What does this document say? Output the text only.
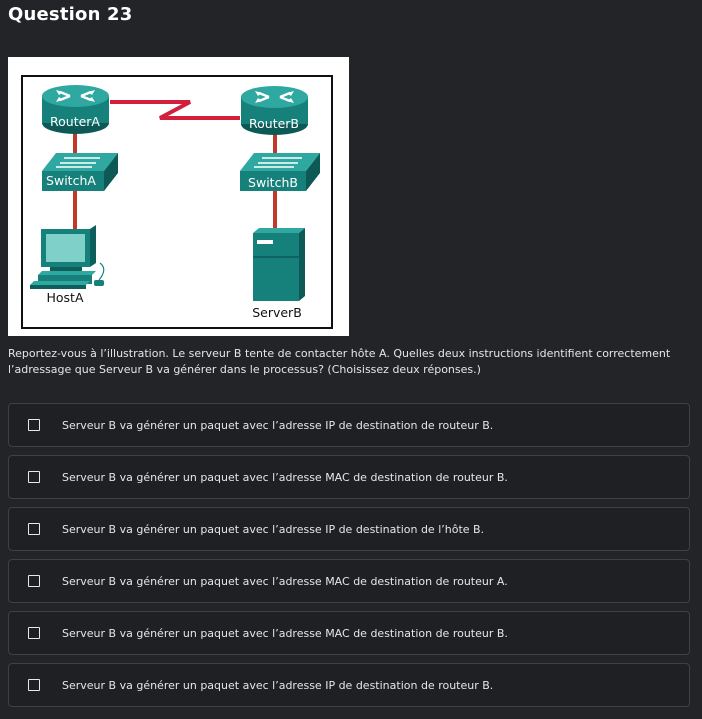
Question 23
RouterA	RouterB
SwitchA	SwitchB
HostA
ServerB

Reportez-vous à l’illustration. Le serveur B tente de contacter hôte A. Quelles deux instructions identifient correctement l’adressage que Serveur B va générer dans le processus? (Choisissez deux réponses.)

Serveur B va générer un paquet avec l’adresse IP de destination de routeur B.
Serveur B va générer un paquet avec l’adresse MAC de destination de routeur B.
Serveur B va générer un paquet avec l’adresse IP de destination de l’hôte B.
Serveur B va générer un paquet avec l’adresse MAC de destination de routeur A.
Serveur B va générer un paquet avec l’adresse MAC de destination de routeur B.
Serveur B va générer un paquet avec l’adresse IP de destination de routeur B.
